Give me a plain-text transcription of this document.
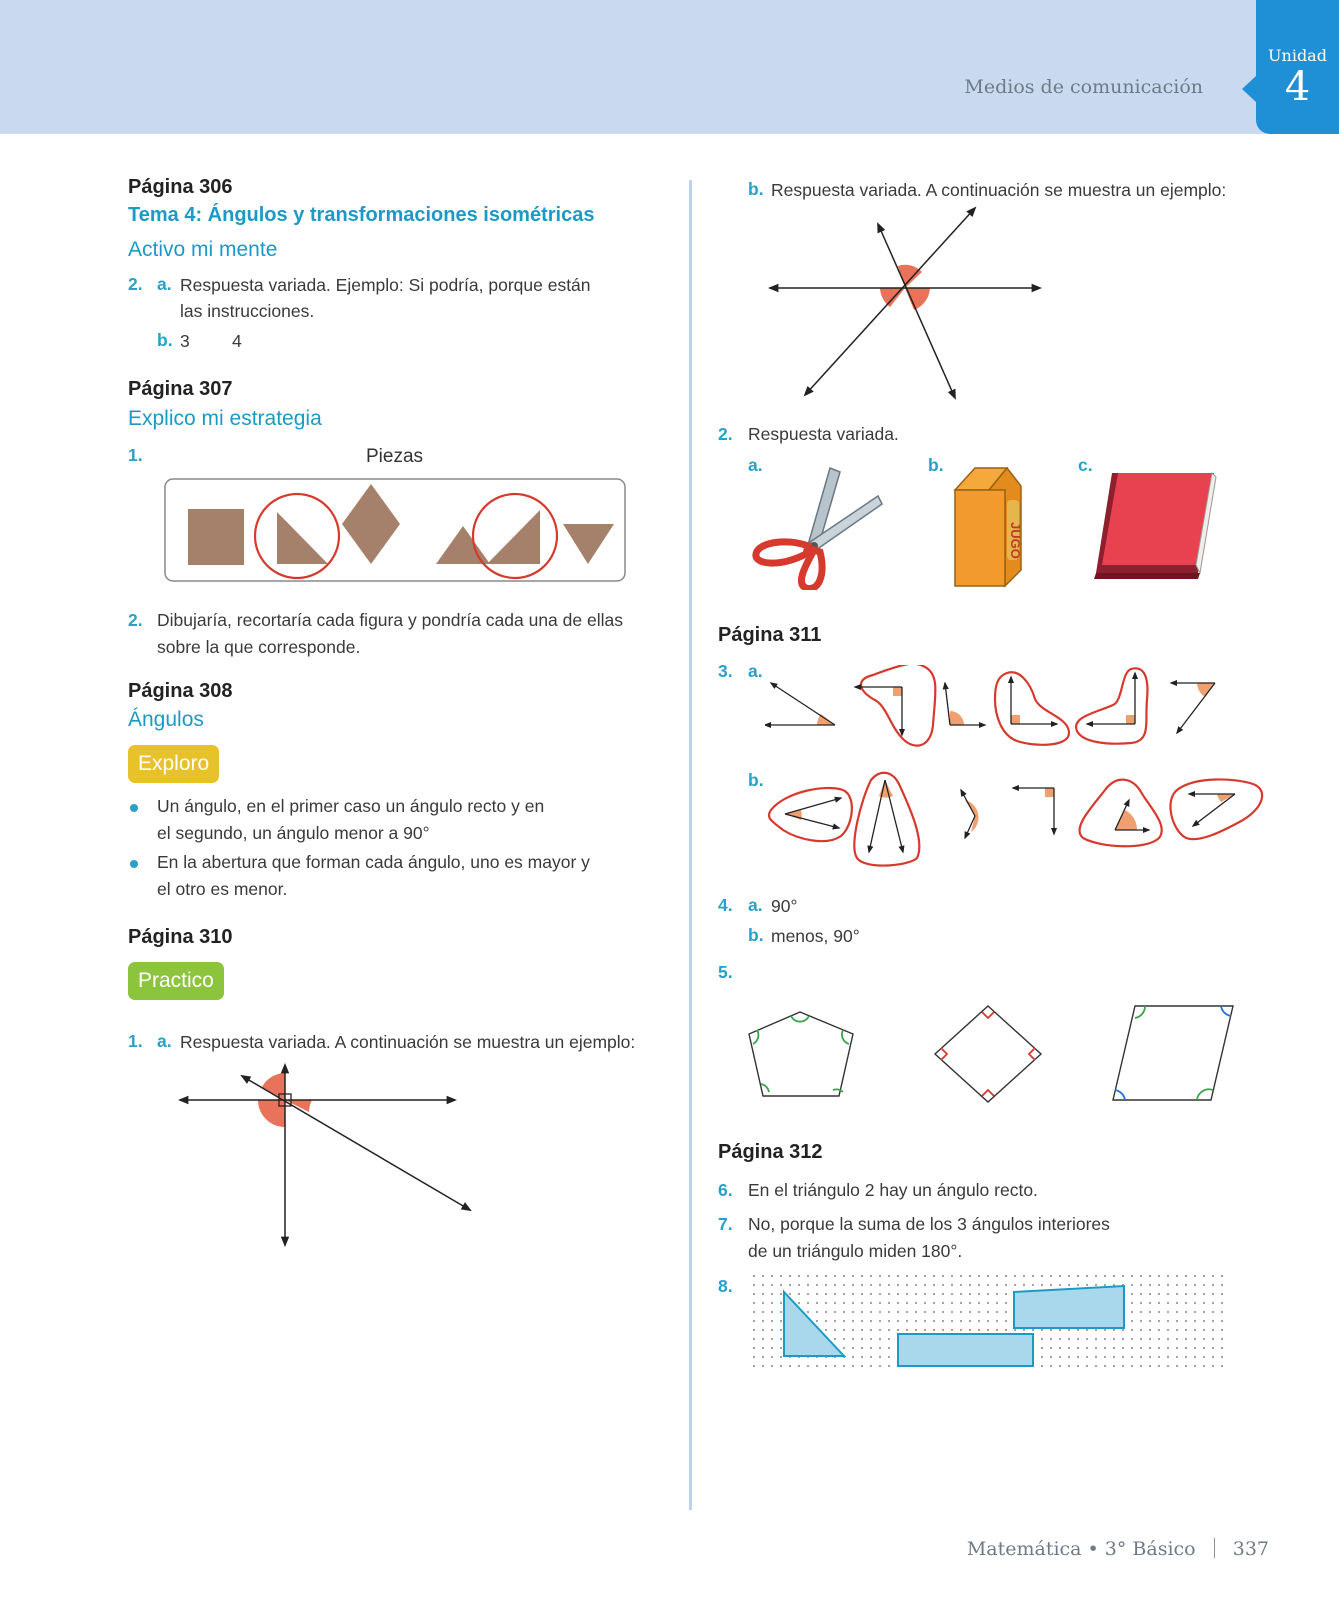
Medios de comunicación
Unidad
4
Página 306
Tema 4: Ángulos y transformaciones isométricas
Activo mi mente
2. a. Respuesta variada. Ejemplo: Si podría, porque están
las instrucciones.
b. 3 4
Página 307
Explico mi estrategia
1.	Piezas
2. Dibujaría, recortaría cada figura y pondría cada una de ellas
sobre la que corresponde.
Página 308
Ángulos
Exploro
Un ángulo, en el primer caso un ángulo recto y en
el segundo, un ángulo menor a 90°
En la abertura que forman cada ángulo, uno es mayor y
el otro es menor.
Página 310
Practico
1. a. Respuesta variada. A continuación se muestra un ejemplo:
b. Respuesta variada. A continuación se muestra un ejemplo:
2. Respuesta variada.
a.	b.	c.
JUGO
Página 311
3. a.
b.
4. a. 90°
b. menos, 90°
5.
Página 312
6. En el triángulo 2 hay un ángulo recto.
7. No, porque la suma de los 3 ángulos interiores
de un triángulo miden 180°.
8.
Matemática • 3° Básico 337
